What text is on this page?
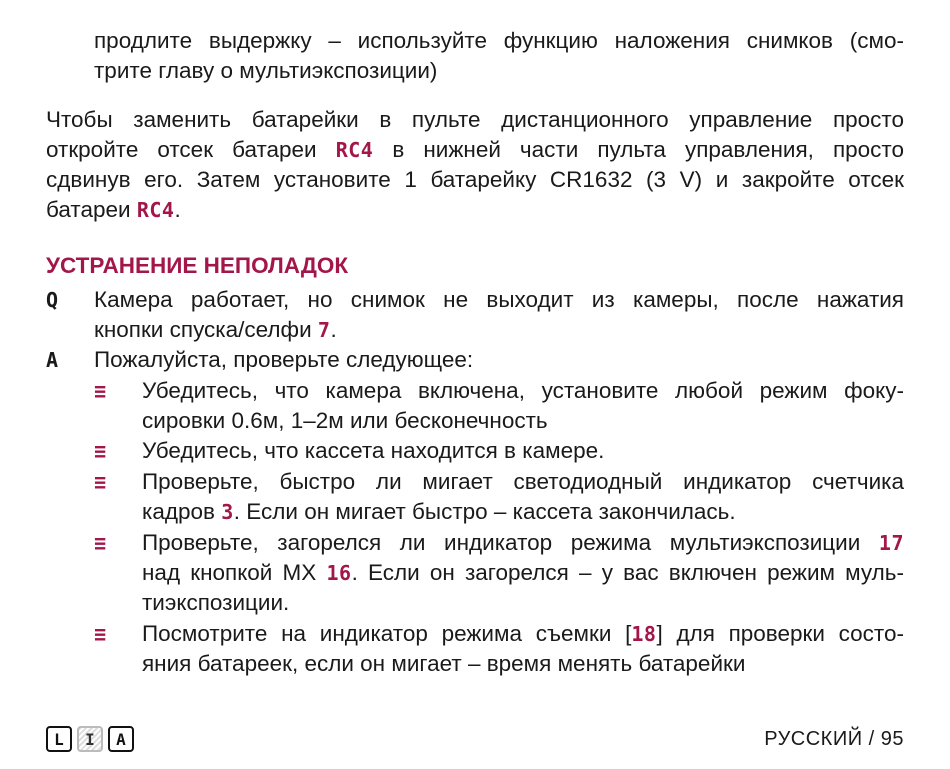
продлите выдержку – используйте функцию наложения снимков (смо-
трите главу о мультиэкспозиции)
Чтобы заменить батарейки в пульте дистанционного управление просто
откройте отсек батареи RC4 в нижней части пульта управления, просто
сдвинув его. Затем установите 1 батарейку CR1632 (3 V) и закройте отсек
батареи RC4.
УСТРАНЕНИЕ НЕПОЛАДОК
Q Камера работает, но снимок не выходит из камеры, после нажатия
кнопки спуска/селфи 7.
A Пожалуйста, проверьте следующее:
≡ Убедитесь, что камера включена, установите любой режим фоку-
сировки 0.6м, 1–2м или бесконечность
≡ Убедитесь, что кассета находится в камере.
≡ Проверьте, быстро ли мигает светодиодный индикатор счетчика
кадров 3. Если он мигает быстро – кассета закончилась.
≡ Проверьте, загорелся ли индикатор режима мультиэкспозиции 17
над кнопкой MX 16. Если он загорелся – у вас включен режим муль-
тиэкспозиции.
≡ Посмотрите на индикатор режима съемки [18] для проверки состо-
яния батареек, если он мигает – время менять батарейки
L	I	A	РУССКИЙ / 95
